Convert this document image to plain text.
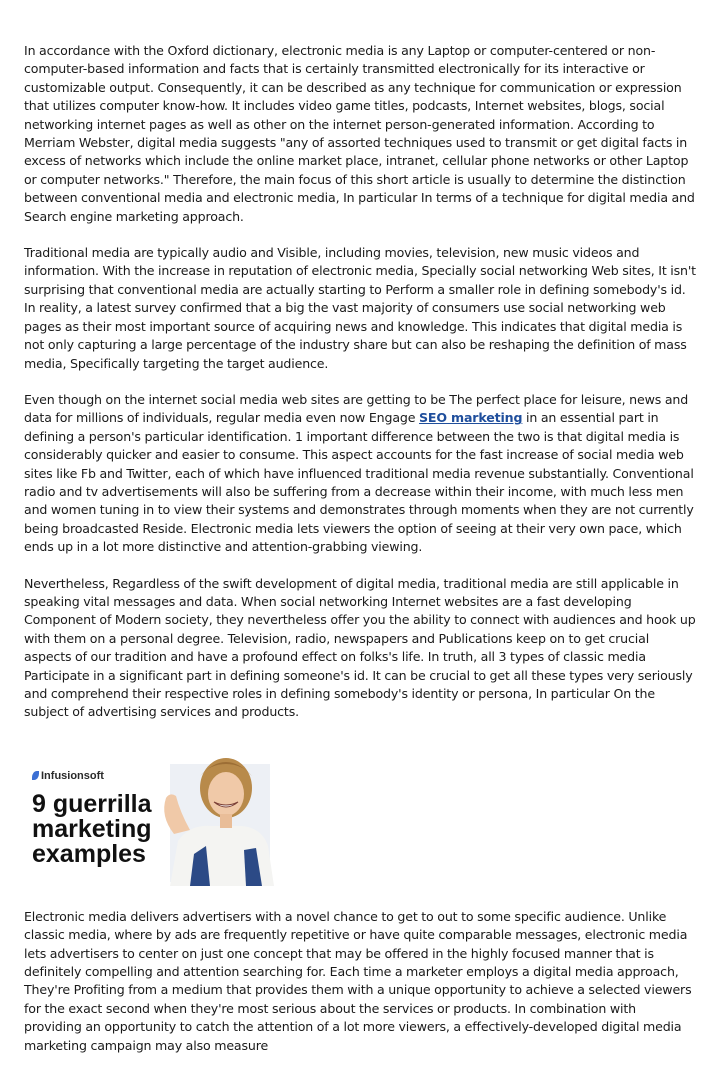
In accordance with the Oxford dictionary, electronic media is any Laptop or computer-centered or non-computer-based information and facts that is certainly transmitted electronically for its interactive or customizable output. Consequently, it can be described as any technique for communication or expression that utilizes computer know-how. It includes video game titles, podcasts, Internet websites, blogs, social networking internet pages as well as other on the internet person-generated information. According to Merriam Webster, digital media suggests "any of assorted techniques used to transmit or get digital facts in excess of networks which include the online market place, intranet, cellular phone networks or other Laptop or computer networks." Therefore, the main focus of this short article is usually to determine the distinction between conventional media and electronic media, In particular In terms of a technique for digital media and Search engine marketing approach.

Traditional media are typically audio and Visible, including movies, television, new music videos and information. With the increase in reputation of electronic media, Specially social networking Web sites, It isn't surprising that conventional media are actually starting to Perform a smaller role in defining somebody's id. In reality, a latest survey confirmed that a big the vast majority of consumers use social networking web pages as their most important source of acquiring news and knowledge. This indicates that digital media is not only capturing a large percentage of the industry share but can also be reshaping the definition of mass media, Specifically targeting the target audience.

Even though on the internet social media web sites are getting to be The perfect place for leisure, news and data for millions of individuals, regular media even now Engage SEO marketing in an essential part in defining a person's particular identification. 1 important difference between the two is that digital media is considerably quicker and easier to consume. This aspect accounts for the fast increase of social media web sites like Fb and Twitter, each of which have influenced traditional media revenue substantially. Conventional radio and tv advertisements will also be suffering from a decrease within their income, with much less men and women tuning in to view their systems and demonstrates through moments when they are not currently being broadcasted Reside. Electronic media lets viewers the option of seeing at their very own pace, which ends up in a lot more distinctive and attention-grabbing viewing.

Nevertheless, Regardless of the swift development of digital media, traditional media are still applicable in speaking vital messages and data. When social networking Internet websites are a fast developing Component of Modern society, they nevertheless offer you the ability to connect with audiences and hook up with them on a personal degree. Television, radio, newspapers and Publications keep on to get crucial aspects of our tradition and have a profound effect on folks's life. In truth, all 3 types of classic media Participate in a significant part in defining someone's id. It can be crucial to get all these types very seriously and comprehend their respective roles in defining somebody's identity or persona, In particular On the subject of advertising services and products.

Infusionsoft
9 guerrilla
marketing
examples

Electronic media delivers advertisers with a novel chance to get to out to some specific audience. Unlike classic media, where by ads are frequently repetitive or have quite comparable messages, electronic media lets advertisers to center on just one concept that may be offered in the highly focused manner that is definitely compelling and attention searching for. Each time a marketer employs a digital media approach, They're Profiting from a medium that provides them with a unique opportunity to achieve a selected viewers for the exact second when they're most serious about the services or products. In combination with providing an opportunity to catch the attention of a lot more viewers, a effectively-developed digital media marketing campaign may also measure
